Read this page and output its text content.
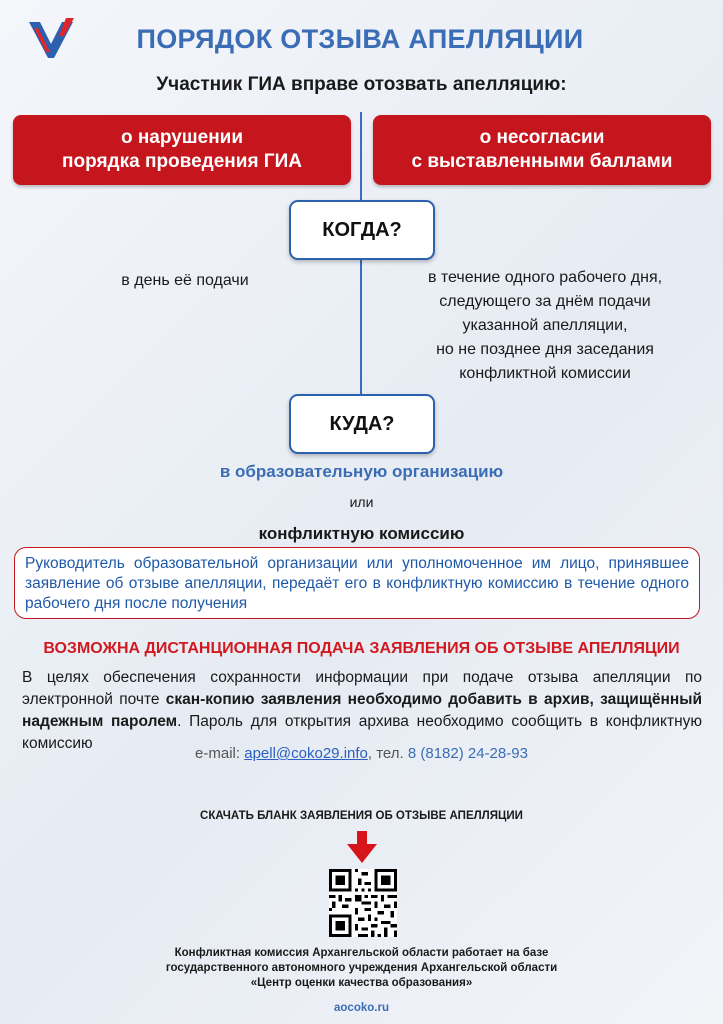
ПОРЯДОК ОТЗЫВА АПЕЛЛЯЦИИ
Участник ГИА вправе отозвать апелляцию:
о нарушении
порядка проведения ГИА
о несогласии
с выставленными баллами
КОГДА?
в день её подачи	в течение одного рабочего дня,
следующего за днём подачи
указанной апелляции,
но не позднее дня заседания
конфликтной комиссии
КУДА?
в образовательную организацию
или
конфликтную комиссию
Руководитель образовательной организации или уполномоченное им лицо, принявшее заявление об отзыве апелляции, передаёт его в конфликтную комиссию в течение одного рабочего дня после получения
ВОЗМОЖНА ДИСТАНЦИОННАЯ ПОДАЧА ЗАЯВЛЕНИЯ ОБ ОТЗЫВЕ АПЕЛЛЯЦИИ
В целях обеспечения сохранности информации при подаче отзыва апелляции по электронной почте скан-копию заявления необходимо добавить в архив, защищённый надежным паролем. Пароль для открытия архива необходимо сообщить в конфликтную комиссию
e-mail: apell@coko29.info, тел. 8 (8182) 24-28-93
СКАЧАТЬ БЛАНК ЗАЯВЛЕНИЯ ОБ ОТЗЫВЕ АПЕЛЛЯЦИИ
Конфликтная комиссия Архангельской области работает на базе
государственного автономного учреждения Архангельской области
«Центр оценки качества образования»
aocoko.ru
